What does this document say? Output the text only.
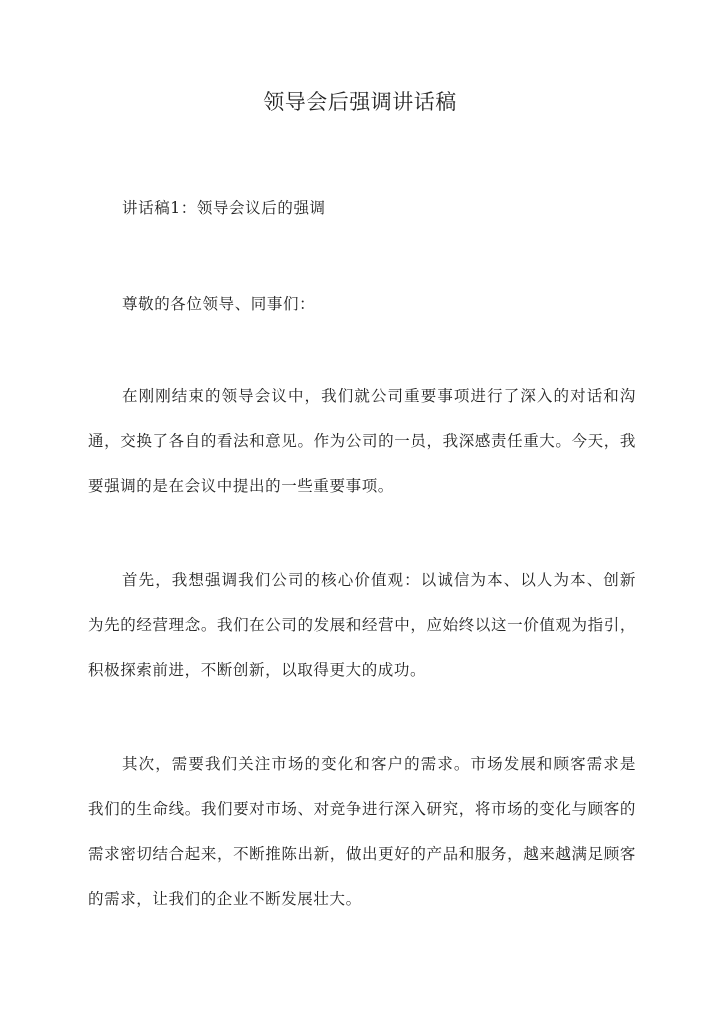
领导会后强调讲话稿

讲话稿1：领导会议后的强调

尊敬的各位领导、同事们：

在刚刚结束的领导会议中，我们就公司重要事项进行了深入的对话和沟通，交换了各自的看法和意见。作为公司的一员，我深感责任重大。今天，我要强调的是在会议中提出的一些重要事项。

首先，我想强调我们公司的核心价值观：以诚信为本、以人为本、创新为先的经营理念。我们在公司的发展和经营中，应始终以这一价值观为指引，积极探索前进，不断创新，以取得更大的成功。

其次，需要我们关注市场的变化和客户的需求。市场发展和顾客需求是我们的生命线。我们要对市场、对竞争进行深入研究，将市场的变化与顾客的需求密切结合起来，不断推陈出新，做出更好的产品和服务，越来越满足顾客的需求，让我们的企业不断发展壮大。
